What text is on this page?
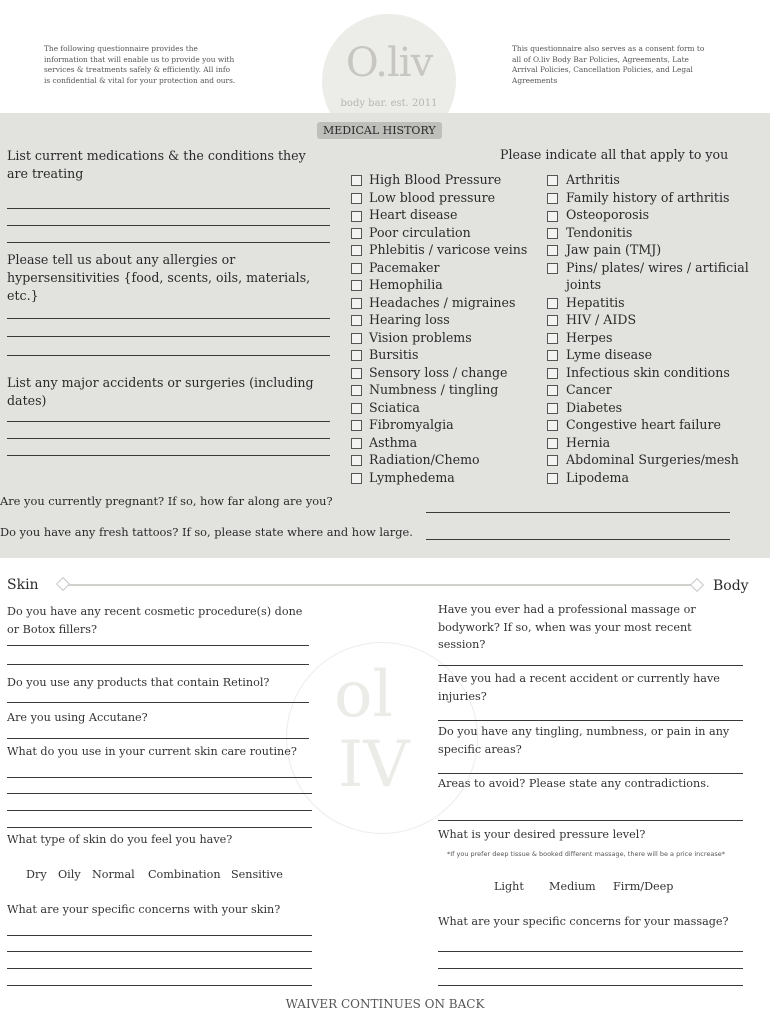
The following questionnaire provides the
information that will enable us to provide you with
services & treatments safely & efficiently. All info
is confidential & vital for your protection and ours.	O.liv
body bar. est. 2011
This questionnaire also serves as a consent form to
all of O.liv Body Bar Policies, Agreements, Late
Arrival Policies, Cancellation Policies, and Legal
Agreements
MEDICAL HISTORY
List current medications & the conditions they
are treating
Please tell us about any allergies or
hypersensitivities {food, scents, oils, materials,
etc.}
List any major accidents or surgeries (including
dates)
Please indicate all that apply to you
High Blood Pressure
Low blood pressure
Heart disease
Poor circulation
Phlebitis / varicose veins
Pacemaker
Hemophilia
Headaches / migraines
Hearing loss
Vision problems
Bursitis
Sensory loss / change
Numbness / tingling
Sciatica
Fibromyalgia
Asthma
Radiation/Chemo
Lymphedema
Arthritis
Family history of arthritis
Osteoporosis
Tendonitis
Jaw pain (TMJ)
Pins/ plates/ wires / artificial
joints
Hepatitis
HIV / AIDS
Herpes
Lyme disease
Infectious skin conditions
Cancer
Diabetes
Congestive heart failure
Hernia
Abdominal Surgeries/mesh
Lipodema
Are you currently pregnant? If so, how far along are you?
Do you have any fresh tattoos? If so, please state where and how large.
Skin	Body
ol
IV
Do you have any recent cosmetic procedure(s) done
or Botox fillers?
Do you use any products that contain Retinol?
Are you using Accutane?
What do you use in your current skin care routine?
What type of skin do you feel you have?
Dry Oily Normal Combination Sensitive
What are your specific concerns with your skin?
Have you ever had a professional massage or
bodywork? If so, when was your most recent
session?
Have you had a recent accident or currently have
injuries?
Do you have any tingling, numbness, or pain in any
specific areas?
Areas to avoid? Please state any contradictions.
What is your desired pressure level?
*If you prefer deep tissue & booked different massage, there will be a price increase*
Light Medium Firm/Deep
What are your specific concerns for your massage?
WAIVER CONTINUES ON BACK
